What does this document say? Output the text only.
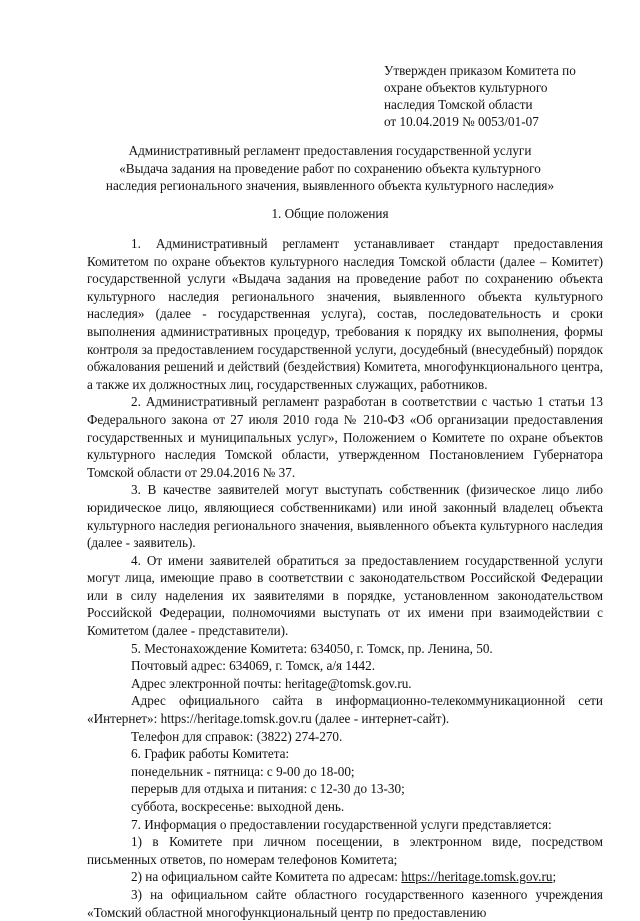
Утвержден приказом Комитета по
охране объектов культурного
наследия Томской области
от 10.04.2019 № 0053/01-07
Административный регламент предоставления государственной услуги
«Выдача задания на проведение работ по сохранению объекта культурного
наследия регионального значения, выявленного объекта культурного наследия»
1. Общие положения

1. Административный регламент устанавливает стандарт предоставления Комитетом по охране объектов культурного наследия Томской области (далее – Комитет) государственной услуги «Выдача задания на проведение работ по сохранению объекта культурного наследия регионального значения, выявленного объекта культурного наследия» (далее - государственная услуга), состав, последовательность и сроки выполнения административных процедур, требования к порядку их выполнения, формы контроля за предоставлением государственной услуги, досудебный (внесудебный) порядок обжалования решений и действий (бездействия) Комитета, многофункционального центра, а также их должностных лиц, государственных служащих, работников.

2. Административный регламент разработан в соответствии с частью 1 статьи 13 Федерального закона от 27 июля 2010 года № 210-ФЗ «Об организации предоставления государственных и муниципальных услуг», Положением о Комитете по охране объектов культурного наследия Томской области, утвержденном Постановлением Губернатора Томской области от 29.04.2016 № 37.

3. В качестве заявителей могут выступать собственник (физическое лицо либо юридическое лицо, являющиеся собственниками) или иной законный владелец объекта культурного наследия регионального значения, выявленного объекта культурного наследия (далее - заявитель).

4. От имени заявителей обратиться за предоставлением государственной услуги могут лица, имеющие право в соответствии с законодательством Российской Федерации или в силу наделения их заявителями в порядке, установленном законодательством Российской Федерации, полномочиями выступать от их имени при взаимодействии с Комитетом (далее - представители).

5. Местонахождение Комитета: 634050, г. Томск, пр. Ленина, 50.

Почтовый адрес: 634069, г. Томск, а/я 1442.

Адрес электронной почты: heritage@tomsk.gov.ru.

Адрес официального сайта в информационно-телекоммуникационной сети «Интернет»: https://heritage.tomsk.gov.ru (далее - интернет-сайт).

Телефон для справок: (3822) 274-270.

6. График работы Комитета:

понедельник - пятница: с 9-00 до 18-00;

перерыв для отдыха и питания: с 12-30 до 13-30;

суббота, воскресенье: выходной день.

7. Информация о предоставлении государственной услуги представляется:

1) в Комитете при личном посещении, в электронном виде, посредством письменных ответов, по номерам телефонов Комитета;

2) на официальном сайте Комитета по адресам: https://heritage.tomsk.gov.ru;

3) на официальном сайте областного государственного казенного учреждения «Томский областной многофункциональный центр по предоставлению
